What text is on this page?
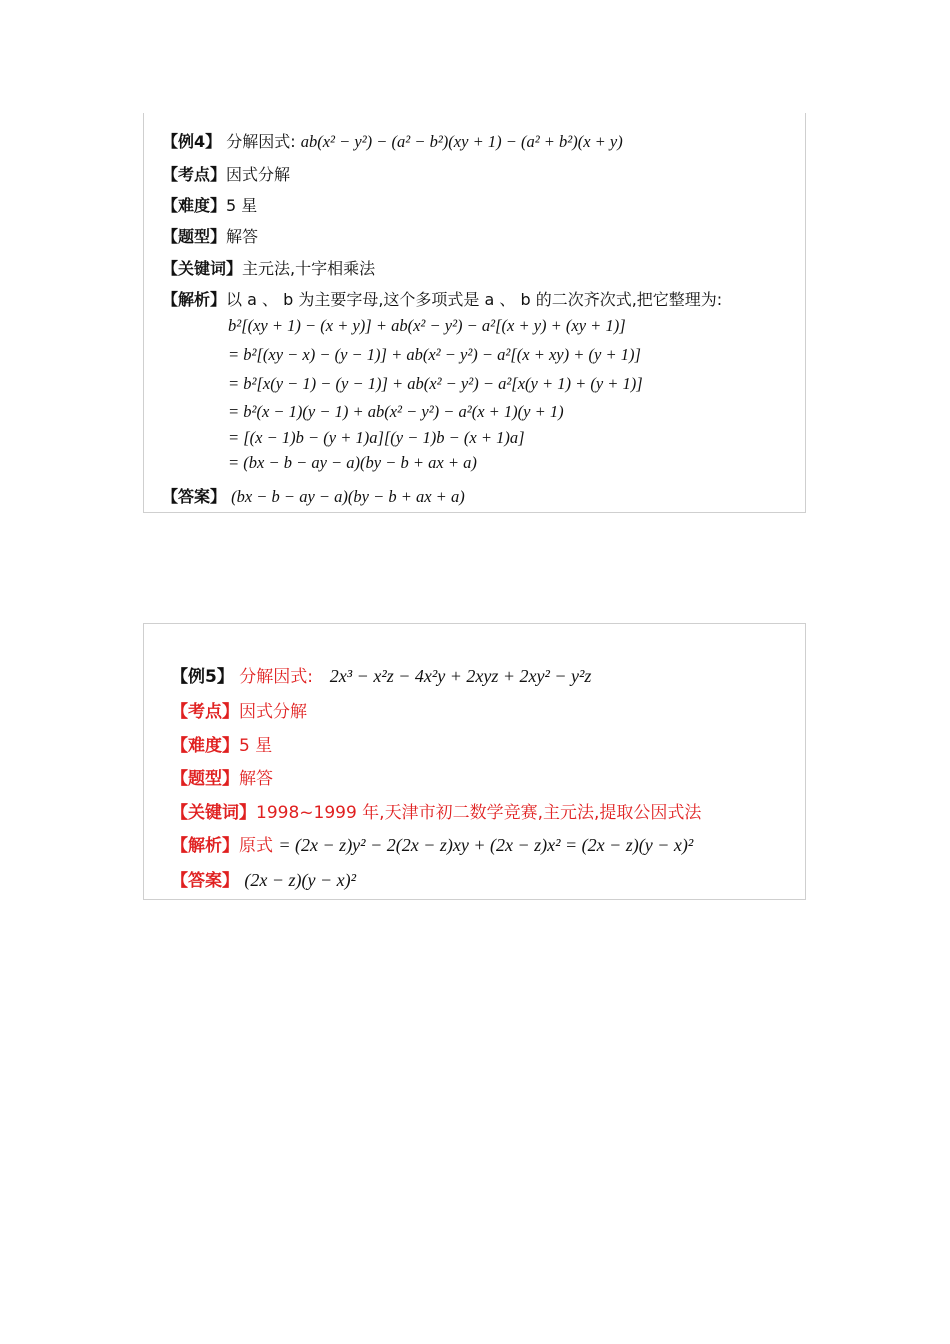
【例4】 分解因式: ab(x² − y²) − (a² − b²)(xy + 1) − (a² + b²)(x + y)
【考点】因式分解
【难度】5 星
【题型】解答
【关键词】主元法,十字相乘法
【解析】以 a 、 b 为主要字母,这个多项式是 a 、 b 的二次齐次式,把它整理为:
b²[(xy + 1) − (x + y)] + ab(x² − y²) − a²[(x + y) + (xy + 1)]
= b²[(xy − x) − (y − 1)] + ab(x² − y²) − a²[(x + xy) + (y + 1)]
= b²[x(y − 1) − (y − 1)] + ab(x² − y²) − a²[x(y + 1) + (y + 1)]
= b²(x − 1)(y − 1) + ab(x² − y²) − a²(x + 1)(y + 1)
= [(x − 1)b − (y + 1)a][(y − 1)b − (x + 1)a]
= (bx − b − ay − a)(by − b + ax + a)
【答案】 (bx − b − ay − a)(by − b + ax + a)
【例5】 分解因式: 2x³ − x²z − 4x²y + 2xyz + 2xy² − y²z
【考点】因式分解
【难度】5 星
【题型】解答
【关键词】1998~1999 年,天津市初二数学竞赛,主元法,提取公因式法
【解析】原式 = (2x − z)y² − 2(2x − z)xy + (2x − z)x² = (2x − z)(y − x)²
【答案】 (2x − z)(y − x)²
